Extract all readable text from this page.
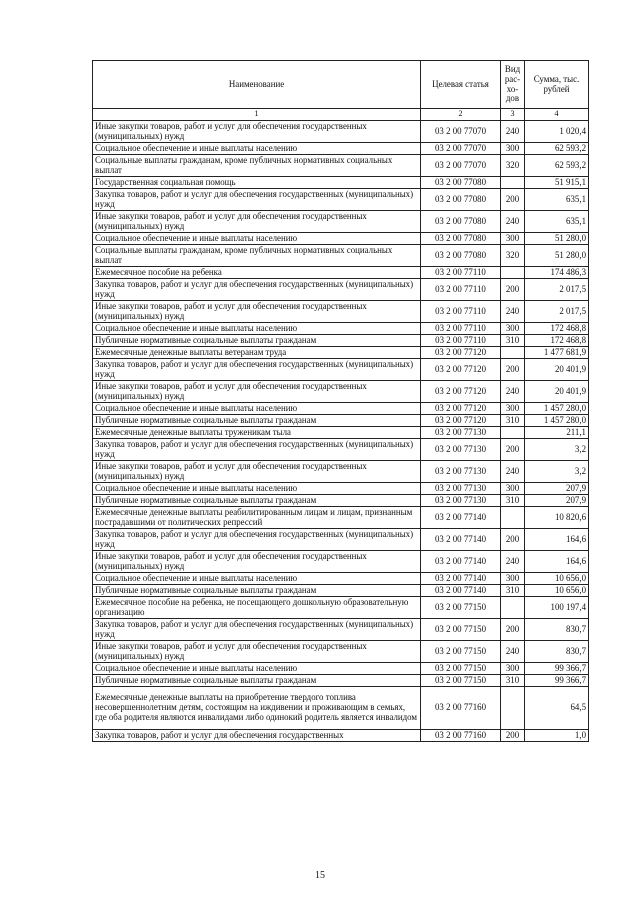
Наименование	Целевая статья	Вид рас-хо-дов	Сумма, тыс. рублей
1	2	3	4
Иные закупки товаров, работ и услуг для обеспечения государственных (муниципальных) нужд	03 2 00 77070	240	1 020,4
Социальное обеспечение и иные выплаты населению	03 2 00 77070	300	62 593,2
Социальные выплаты гражданам, кроме публичных нормативных социальных выплат	03 2 00 77070	320	62 593,2
Государственная социальная помощь	03 2 00 77080		51 915,1
Закупка товаров, работ и услуг для обеспечения государственных (муниципальных) нужд	03 2 00 77080	200	635,1
Иные закупки товаров, работ и услуг для обеспечения государственных (муниципальных) нужд	03 2 00 77080	240	635,1
Социальное обеспечение и иные выплаты населению	03 2 00 77080	300	51 280,0
Социальные выплаты гражданам, кроме публичных нормативных социальных выплат	03 2 00 77080	320	51 280,0
Ежемесячное пособие на ребенка	03 2 00 77110		174 486,3
Закупка товаров, работ и услуг для обеспечения государственных (муниципальных) нужд	03 2 00 77110	200	2 017,5
Иные закупки товаров, работ и услуг для обеспечения государственных (муниципальных) нужд	03 2 00 77110	240	2 017,5
Социальное обеспечение и иные выплаты населению	03 2 00 77110	300	172 468,8
Публичные нормативные социальные выплаты гражданам	03 2 00 77110	310	172 468,8
Ежемесячные денежные выплаты ветеранам труда	03 2 00 77120		1 477 681,9
Закупка товаров, работ и услуг для обеспечения государственных (муниципальных) нужд	03 2 00 77120	200	20 401,9
Иные закупки товаров, работ и услуг для обеспечения государственных (муниципальных) нужд	03 2 00 77120	240	20 401,9
Социальное обеспечение и иные выплаты населению	03 2 00 77120	300	1 457 280,0
Публичные нормативные социальные выплаты гражданам	03 2 00 77120	310	1 457 280,0
Ежемесячные денежные выплаты труженикам тыла	03 2 00 77130		211,1
Закупка товаров, работ и услуг для обеспечения государственных (муниципальных) нужд	03 2 00 77130	200	3,2
Иные закупки товаров, работ и услуг для обеспечения государственных (муниципальных) нужд	03 2 00 77130	240	3,2
Социальное обеспечение и иные выплаты населению	03 2 00 77130	300	207,9
Публичные нормативные социальные выплаты гражданам	03 2 00 77130	310	207,9
Ежемесячные денежные выплаты реабилитированным лицам и лицам, признанным пострадавшими от политических репрессий	03 2 00 77140		10 820,6
Закупка товаров, работ и услуг для обеспечения государственных (муниципальных) нужд	03 2 00 77140	200	164,6
Иные закупки товаров, работ и услуг для обеспечения государственных (муниципальных) нужд	03 2 00 77140	240	164,6
Социальное обеспечение и иные выплаты населению	03 2 00 77140	300	10 656,0
Публичные нормативные социальные выплаты гражданам	03 2 00 77140	310	10 656,0
Ежемесячное пособие на ребенка, не посещающего дошкольную образовательную организацию	03 2 00 77150		100 197,4
Закупка товаров, работ и услуг для обеспечения государственных (муниципальных) нужд	03 2 00 77150	200	830,7
Иные закупки товаров, работ и услуг для обеспечения государственных (муниципальных) нужд	03 2 00 77150	240	830,7
Социальное обеспечение и иные выплаты населению	03 2 00 77150	300	99 366,7
Публичные нормативные социальные выплаты гражданам	03 2 00 77150	310	99 366,7
Ежемесячные денежные выплаты на приобретение твердого топлива несовершеннолетним детям, состоящим на иждивении и проживающим в семьях, где оба родителя являются инвалидами либо одинокий родитель является инвалидом	03 2 00 77160		64,5
Закупка товаров, работ и услуг для обеспечения государственных	03 2 00 77160	200	1,0
15
